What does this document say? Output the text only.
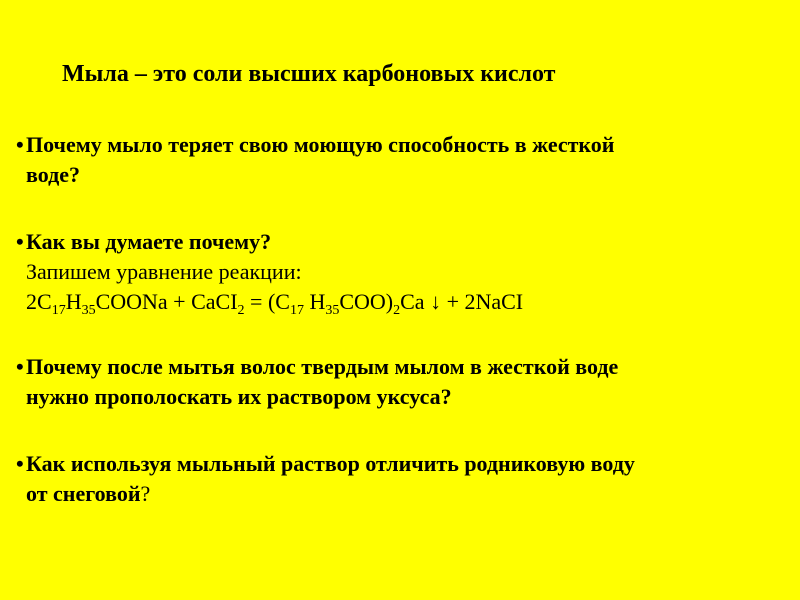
Мыла – это соли высших карбоновых кислот
• Почему мыло теряет свою моющую способность в жесткой
воде?
• Как вы думаете почему?
Запишем уравнение реакции:
$2C_{17}H_{35}COONa$ + CaCI$_2$ = ($C_{17}$ $H_{35}COO)_2Ca$ ↓ + 2NaCI
• Почему после мытья волос твердым мылом в жесткой воде
нужно прополоскать их раствором уксуса?
• Как используя мыльный раствор отличить родниковую воду
от снеговой?
